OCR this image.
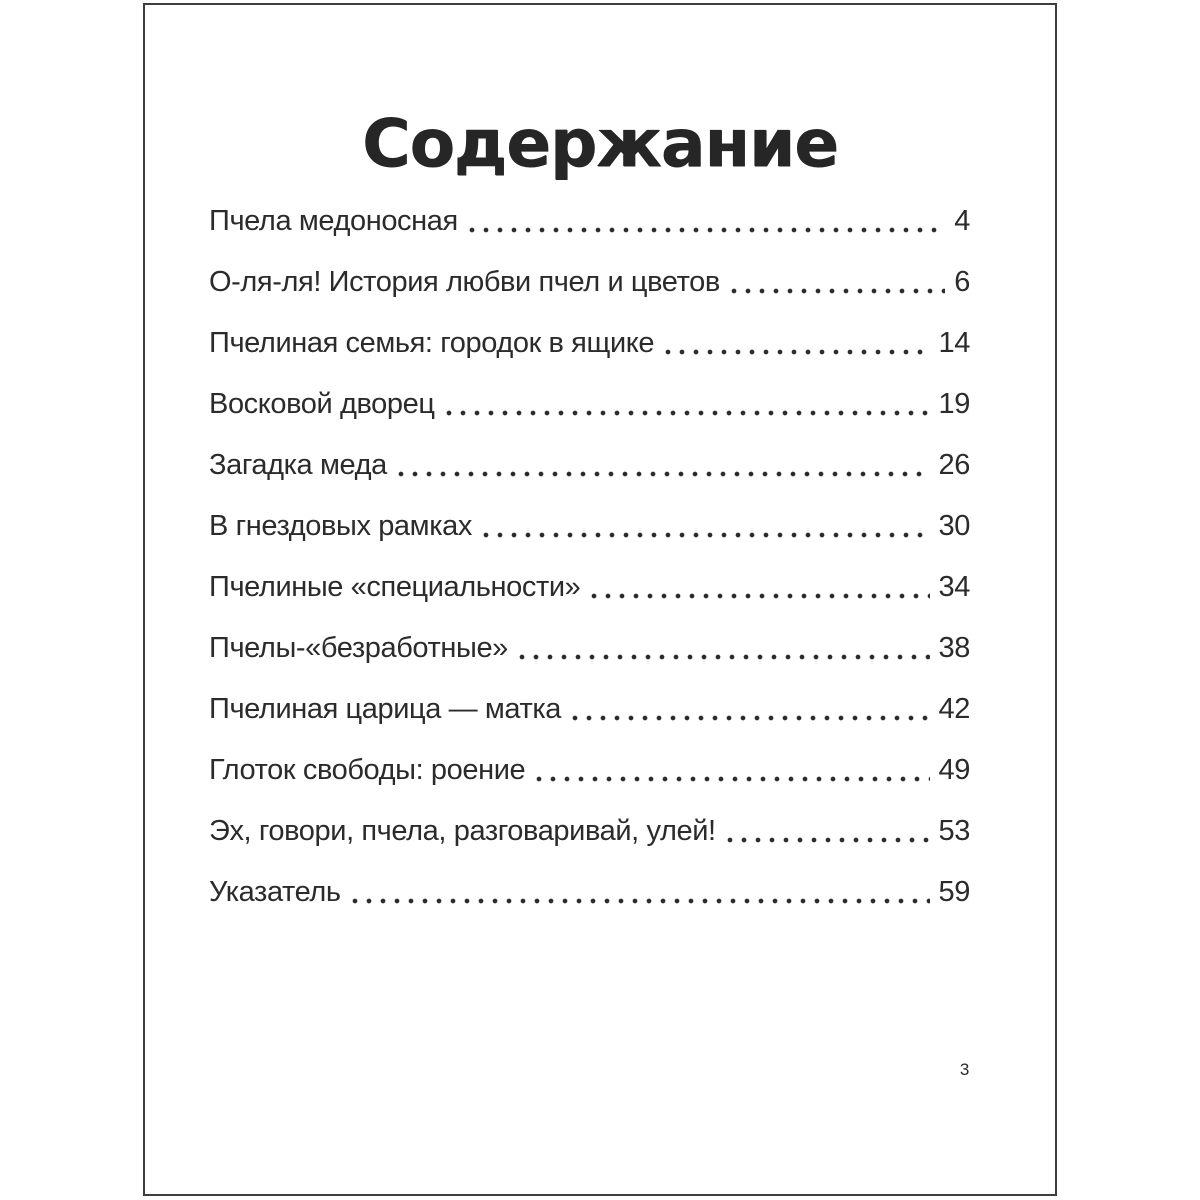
Содержание
Пчела медоносная	4
О-ля-ля! История любви пчел и цветов	6
Пчелиная семья: городок в ящике	14
Восковой дворец	19
Загадка меда	26
В гнездовых рамках	30
Пчелиные «специальности»	34
Пчелы-«безработные»	38
Пчелиная царица — матка	42
Глоток свободы: роение	49
Эх, говори, пчела, разговаривай, улей!	53
Указатель	59
3
